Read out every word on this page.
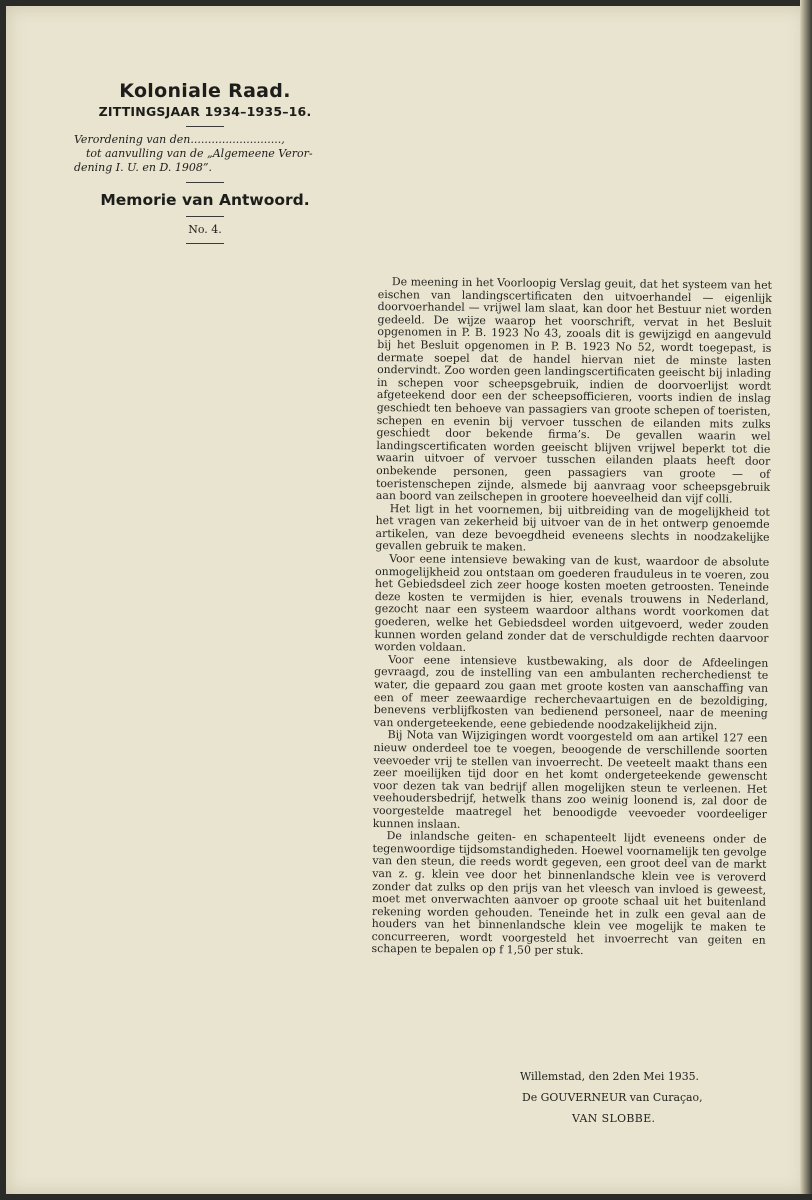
Koloniale Raad.
ZITTINGSJAAR 1934–1935–16.
Verordening van den..........................,
tot aanvulling van de „Algemeene Veror-
dening I. U. en D. 1908”.
Memorie van Antwoord.
No. 4.

De meening in het Voorloopig Verslag geuit, dat het systeem van het eischen van landingscertificaten den uitvoerhandel — eigenlijk doorvoerhandel — vrijwel lam slaat, kan door het Bestuur niet worden gedeeld. De wijze waarop het voorschrift, vervat in het Besluit opgenomen in P. B. 1923 No 43, zooals dit is gewijzigd en aangevuld bij het Besluit opgenomen in P. B. 1923 No 52, wordt toegepast, is dermate soepel dat de handel hiervan niet de minste lasten ondervindt. Zoo worden geen landingscertificaten geeischt bij inlading in schepen voor scheepsgebruik, indien de doorvoerlijst wordt afgeteekend door een der scheepsofficieren, voorts indien de inslag geschiedt ten behoeve van passagiers van groote schepen of toeristen, schepen en evenin bij vervoer tusschen de eilanden mits zulks geschiedt door bekende firma’s. De gevallen waarin wel landingscertificaten worden geeischt blijven vrijwel beperkt tot die waarin uitvoer of vervoer tusschen eilanden plaats heeft door onbekende personen, geen passagiers van groote — of toeristenschepen zijnde, alsmede bij aanvraag voor scheepsgebruik aan boord van zeilschepen in grootere hoeveelheid dan vijf colli.

Het ligt in het voornemen, bij uitbreiding van de mogelijkheid tot het vragen van zekerheid bij uitvoer van de in het ontwerp genoemde artikelen, van deze bevoegdheid eveneens slechts in noodzakelijke gevallen gebruik te maken.

Voor eene intensieve bewaking van de kust, waardoor de absolute onmogelijkheid zou ontstaan om goederen frauduleus in te voeren, zou het Gebiedsdeel zich zeer hooge kosten moeten getroosten. Teneinde deze kosten te vermijden is hier, evenals trouwens in Nederland, gezocht naar een systeem waardoor althans wordt voorkomen dat goederen, welke het Gebiedsdeel worden uitgevoerd, weder zouden kunnen worden geland zonder dat de verschuldigde rechten daarvoor worden voldaan.

Voor eene intensieve kustbewaking, als door de Afdeelingen gevraagd, zou de instelling van een ambulanten recherchedienst te water, die gepaard zou gaan met groote kosten van aanschaffing van een of meer zeewaardige recherchevaartuigen en de bezoldiging, benevens verblijfkosten van bedienend personeel, naar de meening van ondergeteekende, eene gebiedende noodzakelijkheid zijn.

Bij Nota van Wijzigingen wordt voorgesteld om aan artikel 127 een nieuw onderdeel toe te voegen, beoogende de verschillende soorten veevoeder vrij te stellen van invoerrecht. De veeteelt maakt thans een zeer moeilijken tijd door en het komt ondergeteekende gewenscht voor dezen tak van bedrijf allen mogelijken steun te verleenen. Het veehoudersbedrijf, hetwelk thans zoo weinig loonend is, zal door de voorgestelde maatregel het benoodigde veevoeder voordeeliger kunnen inslaan.

De inlandsche geiten- en schapenteelt lijdt eveneens onder de tegenwoordige tijdsomstandigheden. Hoewel voornamelijk ten gevolge van den steun, die reeds wordt gegeven, een groot deel van de markt van z. g. klein vee door het binnenlandsche klein vee is veroverd zonder dat zulks op den prijs van het vleesch van invloed is geweest, moet met onverwachten aanvoer op groote schaal uit het buitenland rekening worden gehouden. Teneinde het in zulk een geval aan de houders van het binnenlandsche klein vee mogelijk te maken te concurreeren, wordt voorgesteld het invoerrecht van geiten en schapen te bepalen op f 1,50 per stuk.

Willemstad, den 2den Mei 1935.
De GOUVERNEUR van Curaçao,
VAN SLOBBE.
